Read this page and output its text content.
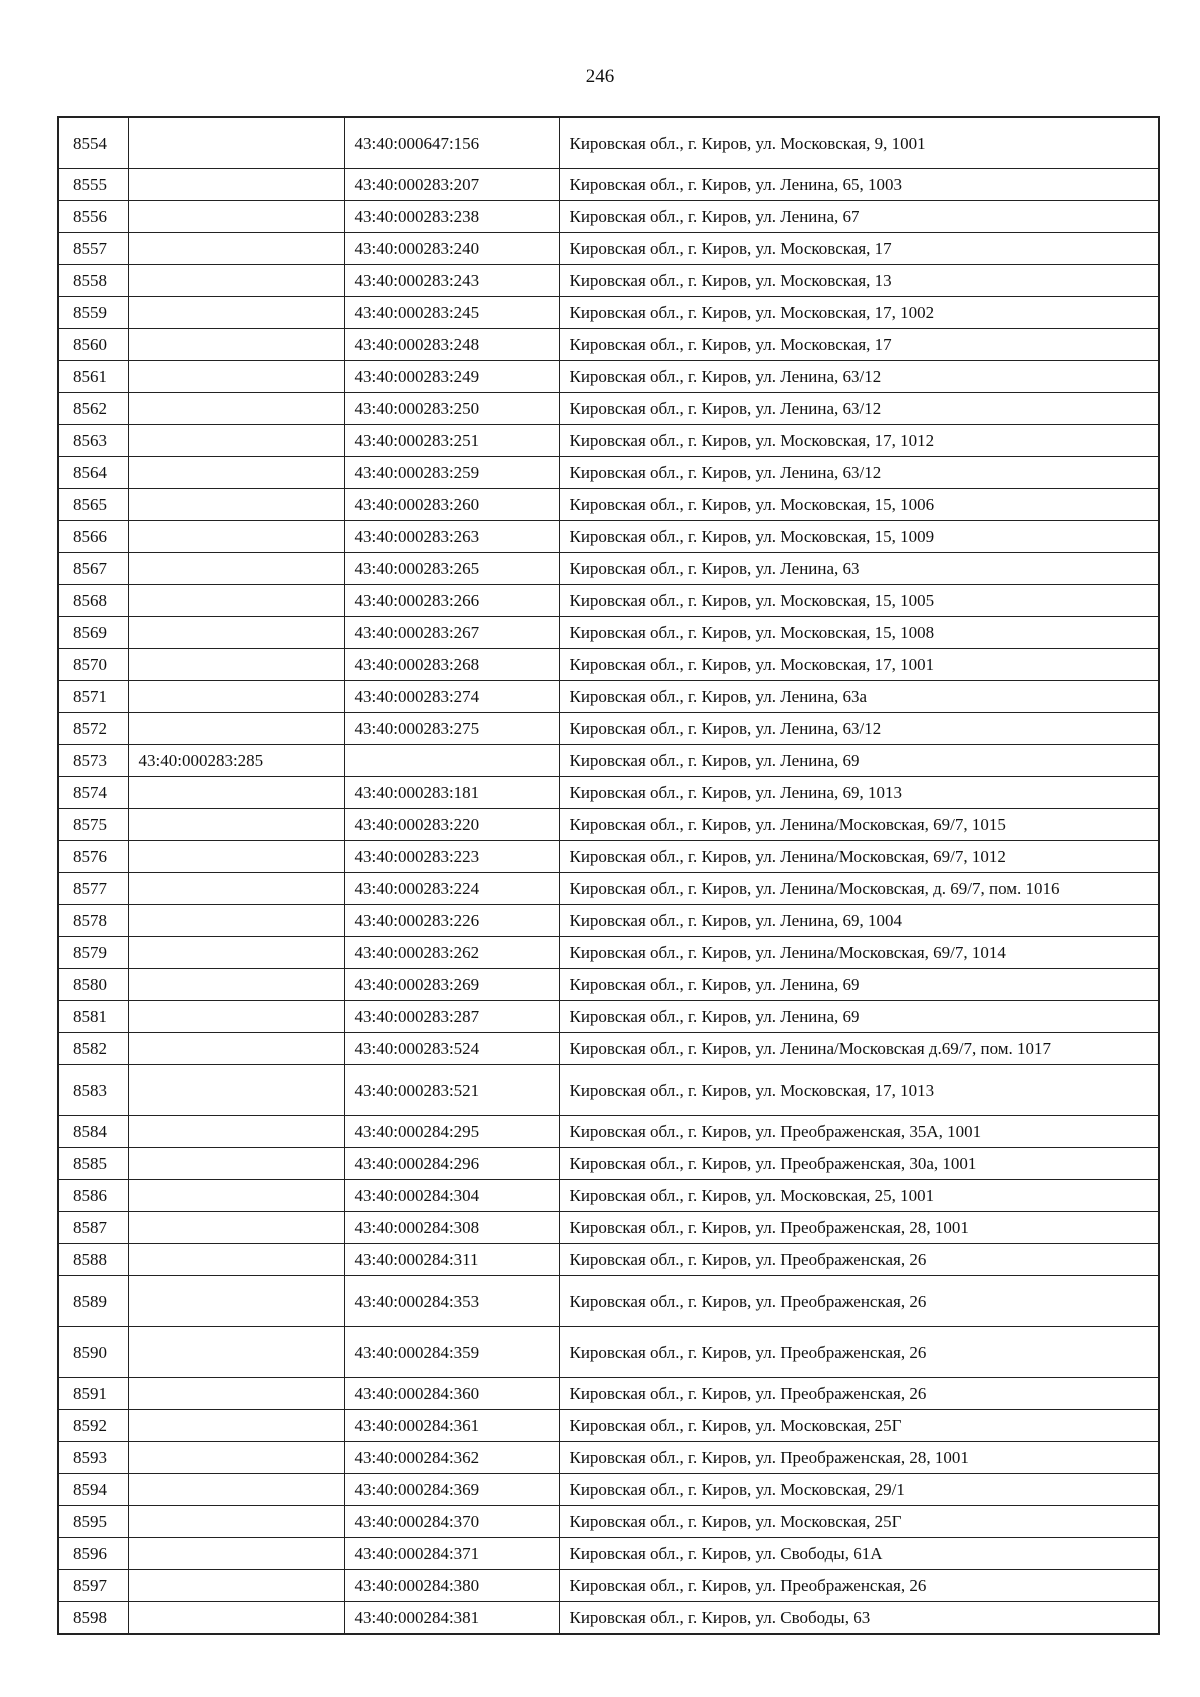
246
8554		43:40:000647:156	Кировская обл., г. Киров, ул. Московская, 9, 1001
8555		43:40:000283:207	Кировская обл., г. Киров, ул. Ленина, 65, 1003
8556		43:40:000283:238	Кировская обл., г. Киров, ул. Ленина, 67
8557		43:40:000283:240	Кировская обл., г. Киров, ул. Московская, 17
8558		43:40:000283:243	Кировская обл., г. Киров, ул. Московская, 13
8559		43:40:000283:245	Кировская обл., г. Киров, ул. Московская, 17, 1002
8560		43:40:000283:248	Кировская обл., г. Киров, ул. Московская, 17
8561		43:40:000283:249	Кировская обл., г. Киров, ул. Ленина, 63/12
8562		43:40:000283:250	Кировская обл., г. Киров, ул. Ленина, 63/12
8563		43:40:000283:251	Кировская обл., г. Киров, ул. Московская, 17, 1012
8564		43:40:000283:259	Кировская обл., г. Киров, ул. Ленина, 63/12
8565		43:40:000283:260	Кировская обл., г. Киров, ул. Московская, 15, 1006
8566		43:40:000283:263	Кировская обл., г. Киров, ул. Московская, 15, 1009
8567		43:40:000283:265	Кировская обл., г. Киров, ул. Ленина, 63
8568		43:40:000283:266	Кировская обл., г. Киров, ул. Московская, 15, 1005
8569		43:40:000283:267	Кировская обл., г. Киров, ул. Московская, 15, 1008
8570		43:40:000283:268	Кировская обл., г. Киров, ул. Московская, 17, 1001
8571		43:40:000283:274	Кировская обл., г. Киров, ул. Ленина, 63а
8572		43:40:000283:275	Кировская обл., г. Киров, ул. Ленина, 63/12
8573	43:40:000283:285		Кировская обл., г. Киров, ул. Ленина, 69
8574		43:40:000283:181	Кировская обл., г. Киров, ул. Ленина, 69, 1013
8575		43:40:000283:220	Кировская обл., г. Киров, ул. Ленина/Московская, 69/7, 1015
8576		43:40:000283:223	Кировская обл., г. Киров, ул. Ленина/Московская, 69/7, 1012
8577		43:40:000283:224	Кировская обл., г. Киров, ул. Ленина/Московская, д. 69/7, пом. 1016
8578		43:40:000283:226	Кировская обл., г. Киров, ул. Ленина, 69, 1004
8579		43:40:000283:262	Кировская обл., г. Киров, ул. Ленина/Московская, 69/7, 1014
8580		43:40:000283:269	Кировская обл., г. Киров, ул. Ленина, 69
8581		43:40:000283:287	Кировская обл., г. Киров, ул. Ленина, 69
8582		43:40:000283:524	Кировская обл., г. Киров, ул. Ленина/Московская д.69/7, пом. 1017
8583		43:40:000283:521	Кировская обл., г. Киров, ул. Московская, 17, 1013
8584		43:40:000284:295	Кировская обл., г. Киров, ул. Преображенская, 35А, 1001
8585		43:40:000284:296	Кировская обл., г. Киров, ул. Преображенская, 30а, 1001
8586		43:40:000284:304	Кировская обл., г. Киров, ул. Московская, 25, 1001
8587		43:40:000284:308	Кировская обл., г. Киров, ул. Преображенская, 28, 1001
8588		43:40:000284:311	Кировская обл., г. Киров, ул. Преображенская, 26
8589		43:40:000284:353	Кировская обл., г. Киров, ул. Преображенская, 26
8590		43:40:000284:359	Кировская обл., г. Киров, ул. Преображенская, 26
8591		43:40:000284:360	Кировская обл., г. Киров, ул. Преображенская, 26
8592		43:40:000284:361	Кировская обл., г. Киров, ул. Московская, 25Г
8593		43:40:000284:362	Кировская обл., г. Киров, ул. Преображенская, 28, 1001
8594		43:40:000284:369	Кировская обл., г. Киров, ул. Московская, 29/1
8595		43:40:000284:370	Кировская обл., г. Киров, ул. Московская, 25Г
8596		43:40:000284:371	Кировская обл., г. Киров, ул. Свободы, 61А
8597		43:40:000284:380	Кировская обл., г. Киров, ул. Преображенская, 26
8598		43:40:000284:381	Кировская обл., г. Киров, ул. Свободы, 63
